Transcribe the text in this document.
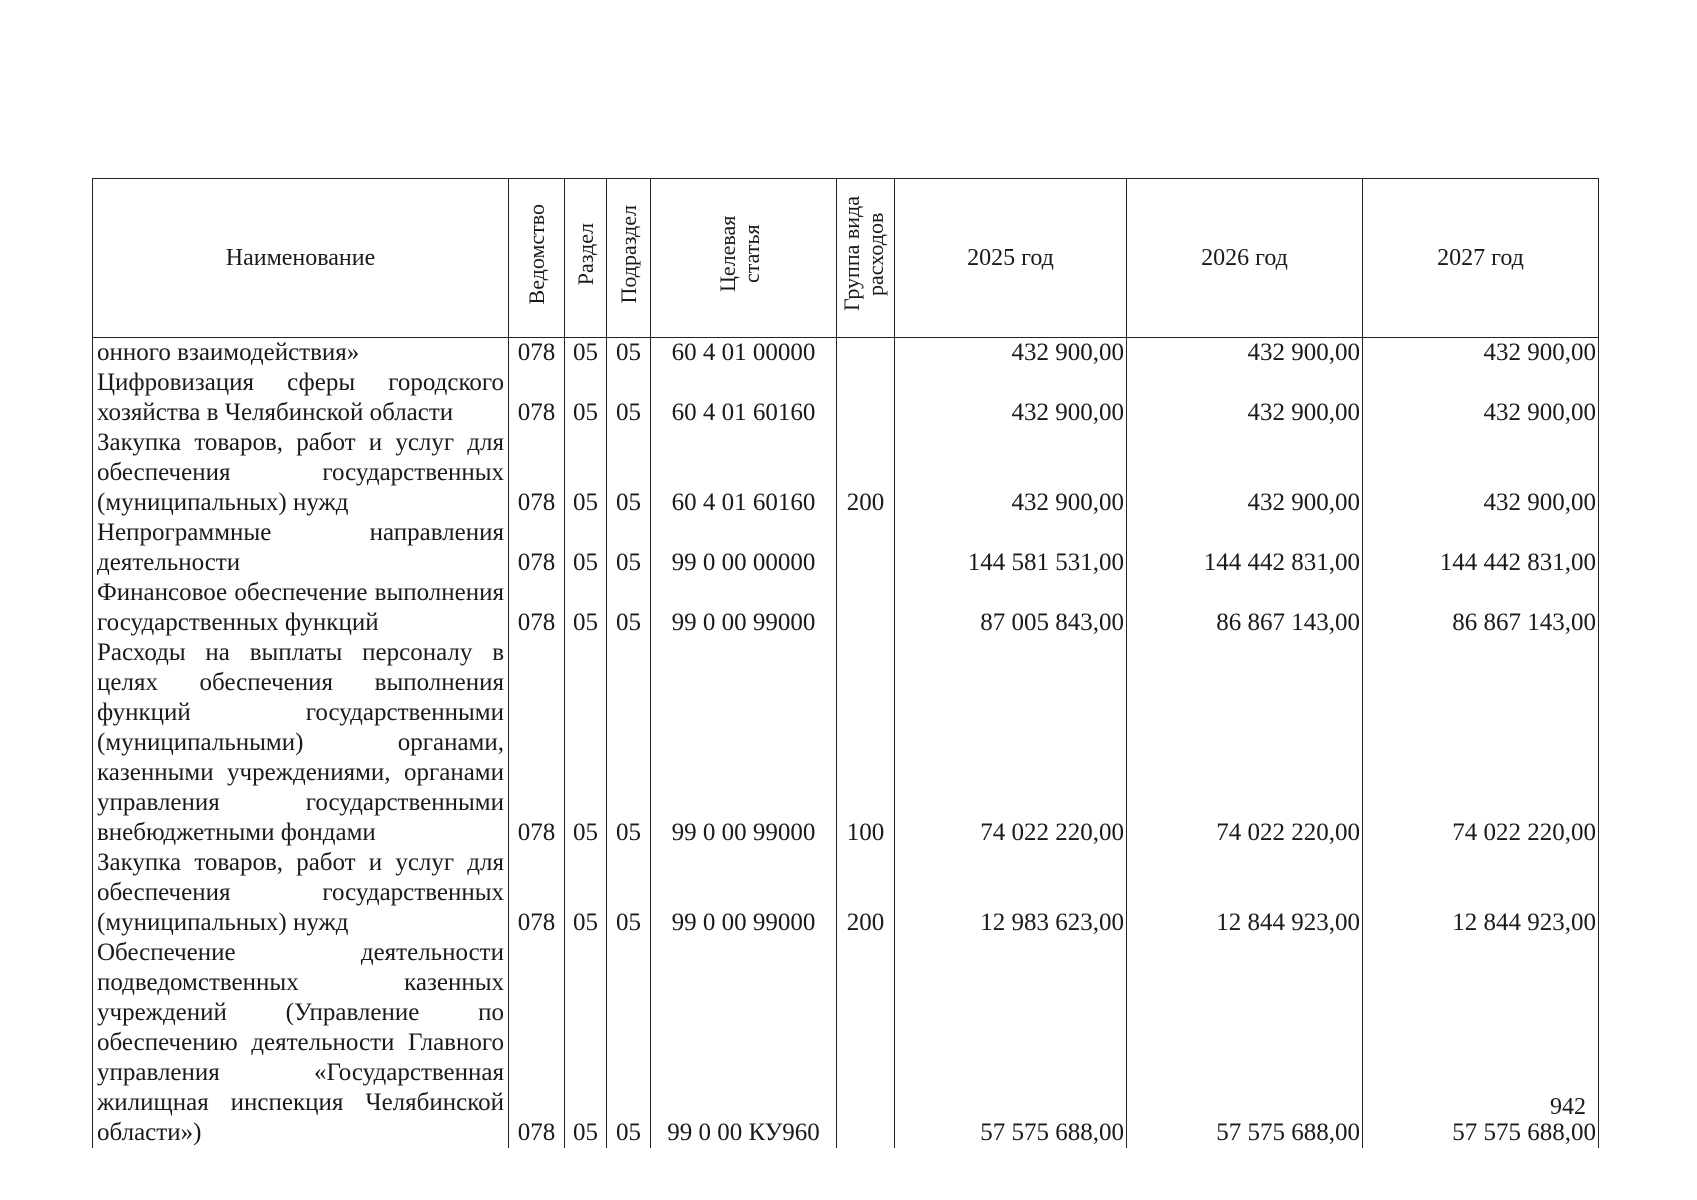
Наименование	Ведомство	Раздел	Подраздел	Целевая статья	Группа вида расходов	2025 год	2026 год	2027 год
онного взаимодействия»	078	05	05	60 4 01 00000		432 900,00	432 900,00	432 900,00
Цифровизация сферы городского хозяйства в Челябинской области	078	05	05	60 4 01 60160		432 900,00	432 900,00	432 900,00
Закупка товаров, работ и услуг для обеспечения государственных (муниципальных) нужд	078	05	05	60 4 01 60160	200	432 900,00	432 900,00	432 900,00
Непрограммные направления деятельности	078	05	05	99 0 00 00000		144 581 531,00	144 442 831,00	144 442 831,00
Финансовое обеспечение выполнения государственных функций	078	05	05	99 0 00 99000		87 005 843,00	86 867 143,00	86 867 143,00
Расходы на выплаты персоналу в целях обеспечения выполнения функций государственными (муниципальными) органами, казенными учреждениями, органами управления государственными внебюджетными фондами	078	05	05	99 0 00 99000	100	74 022 220,00	74 022 220,00	74 022 220,00
Закупка товаров, работ и услуг для обеспечения государственных (муниципальных) нужд	078	05	05	99 0 00 99000	200	12 983 623,00	12 844 923,00	12 844 923,00
Обеспечение деятельности подведомственных казенных учреждений (Управление по обеспечению деятельности Главного управления «Государственная жилищная инспекция Челябинской области»)	078	05	05	99 0 00 КУ960		57 575 688,00	57 575 688,00	57 575 688,00
942
